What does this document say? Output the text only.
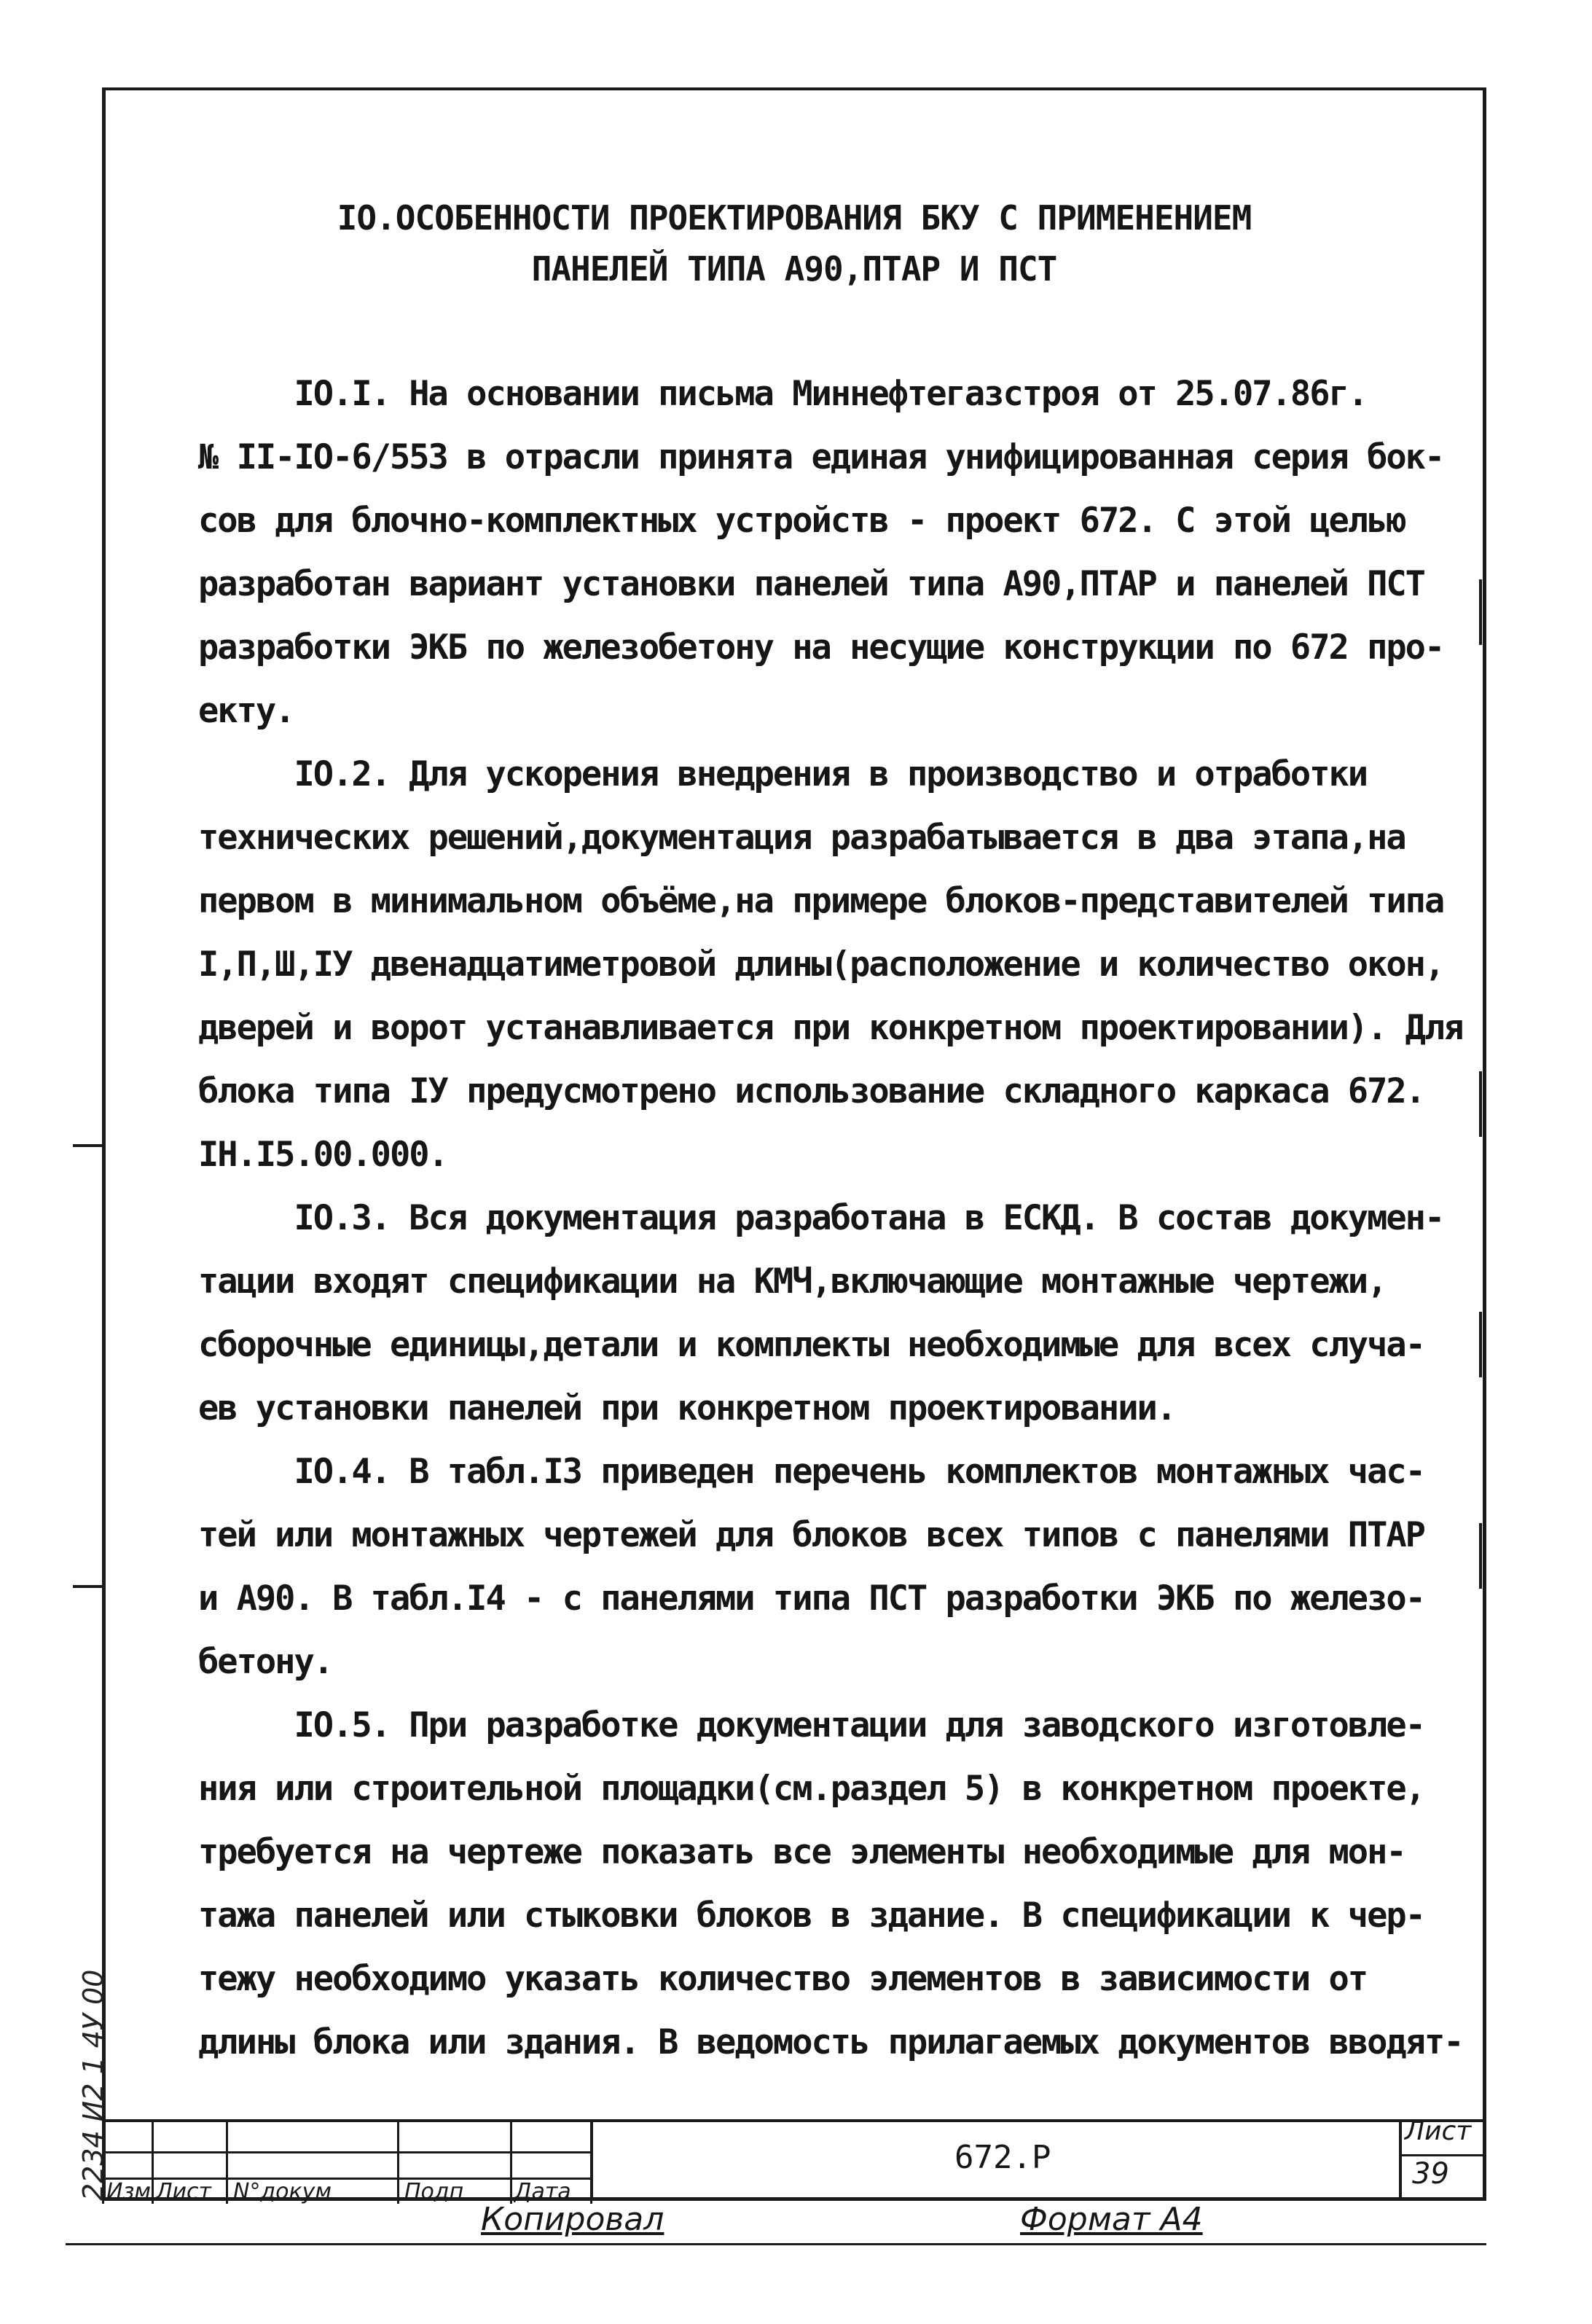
IO.ОСОБЕННОСТИ ПРОЕКТИРОВАНИЯ БКУ С ПРИМЕНЕНИЕМ
ПАНЕЛЕЙ ТИПА А90,ПТАР И ПСТ
IO.I. На основании письма Миннефтегазстроя от 25.07.86г.
№ II-IO-6/553 в отрасли принята единая унифицированная серия бок-
сов для блочно-комплектных устройств - проект 672. С этой целью
разработан вариант установки панелей типа А90,ПТАР и панелей ПСТ
разработки ЭКБ по железобетону на несущие конструкции по 672 про-
екту.
IO.2. Для ускорения внедрения в производство и отработки
технических решений,документация разрабатывается в два этапа,на
первом в минимальном объёме,на примере блоков-представителей типа
I,П,Ш,IУ двенадцатиметровой длины(расположение и количество окон,
дверей и ворот устанавливается при конкретном проектировании). Для
блока типа IУ предусмотрено использование складного каркаса 672.
IH.I5.00.000.
IO.3. Вся документация разработана в ЕСКД. В состав докумен-
тации входят спецификации на КМЧ,включающие монтажные чертежи,
сборочные единицы,детали и комплекты необходимые для всех случа-
ев установки панелей при конкретном проектировании.
IO.4. В табл.I3 приведен перечень комплектов монтажных час-
тей или монтажных чертежей для блоков всех типов с панелями ПТАР
и А90. В табл.I4 - с панелями типа ПСТ разработки ЭКБ по железо-
бетону.
IO.5. При разработке документации для заводского изготовле-
ния или строительной площадки(см.раздел 5) в конкретном проекте,
требуется на чертеже показать все элементы необходимые для мон-
тажа панелей или стыковки блоков в здание. В спецификации к чер-
тежу необходимо указать количество элементов в зависимости от
длины блока или здания. В ведомость прилагаемых документов вводят-
2234 И2 1 4У 00
Изм Лист N°докум	Подп Дата
672.Р
Лист
39
Копировал	Формат А4
